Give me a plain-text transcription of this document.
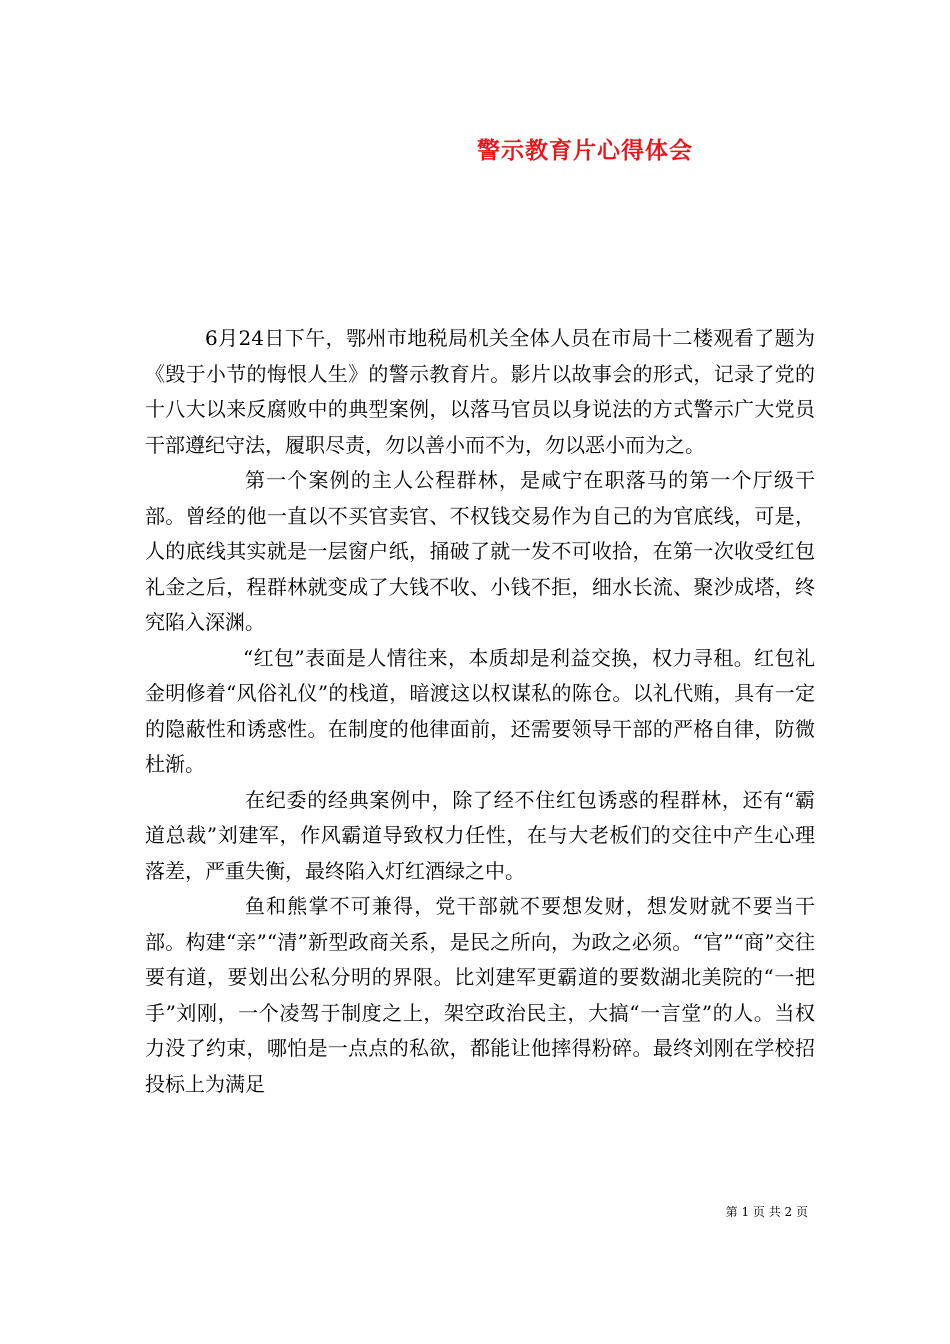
警示教育片心得体会

6月24日下午，鄂州市地税局机关全体人员在市局十二楼观看了题为《毁于小节的悔恨人生》的警示教育片。影片以故事会的形式，记录了党的十八大以来反腐败中的典型案例，以落马官员以身说法的方式警示广大党员干部遵纪守法，履职尽责，勿以善小而不为，勿以恶小而为之。

第一个案例的主人公程群林，是咸宁在职落马的第一个厅级干部。曾经的他一直以不买官卖官、不权钱交易作为自己的为官底线，可是，人的底线其实就是一层窗户纸，捅破了就一发不可收拾，在第一次收受红包礼金之后，程群林就变成了大钱不收、小钱不拒，细水长流、聚沙成塔，终究陷入深渊。

“红包”表面是人情往来，本质却是利益交换，权力寻租。红包礼金明修着“风俗礼仪”的栈道，暗渡这以权谋私的陈仓。以礼代贿，具有一定的隐蔽性和诱惑性。在制度的他律面前，还需要领导干部的严格自律，防微杜渐。

在纪委的经典案例中，除了经不住红包诱惑的程群林，还有“霸道总裁”刘建军，作风霸道导致权力任性，在与大老板们的交往中产生心理落差，严重失衡，最终陷入灯红酒绿之中。

鱼和熊掌不可兼得，党干部就不要想发财，想发财就不要当干部。构建“亲”“清”新型政商关系，是民之所向，为政之必须。“官”“商”交往要有道，要划出公私分明的界限。比刘建军更霸道的要数湖北美院的“一把手”刘刚，一个凌驾于制度之上，架空政治民主，大搞“一言堂”的人。当权力没了约束，哪怕是一点点的私欲，都能让他摔得粉碎。最终刘刚在学校招投标上为满足

第 1 页 共 2 页
